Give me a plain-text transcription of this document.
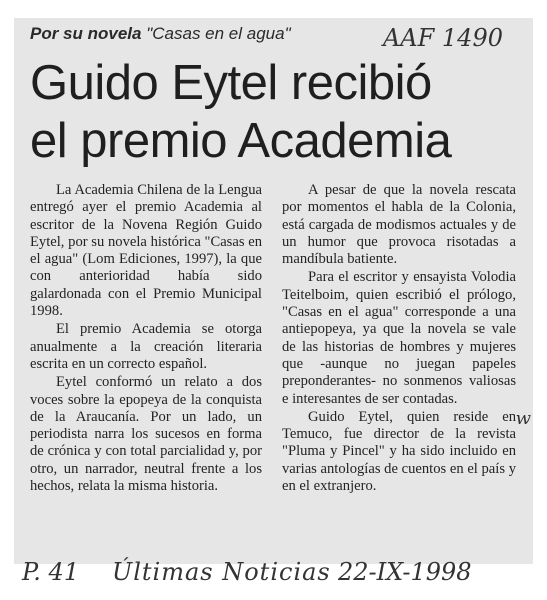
Por su novela "Casas en el agua"
Guido Eytel recibió
el premio Academia

La Academia Chilena de la Lengua entregó ayer el premio Academia al escritor de la Novena Región Guido Eytel, por su novela histórica "Casas en el agua" (Lom Ediciones, 1997), la que con anterioridad había sido galardonada con el Premio Municipal 1998.

El premio Academia se otorga anualmente a la creación literaria escrita en un correcto español.

Eytel conformó un relato a dos voces sobre la epopeya de la conquista de la Araucanía. Por un lado, un periodista narra los sucesos en forma de crónica y con total parcialidad y, por otro, un narrador, neutral frente a los hechos, relata la misma historia.

A pesar de que la novela rescata por momentos el habla de la Colonia, está cargada de modismos actuales y de un humor que provoca risotadas a mandíbula batiente.

Para el escritor y ensayista Volodia Teitelboim, quien escribió el prólogo, "Casas en el agua" corresponde a una antiepopeya, ya que la novela se vale de las historias de hombres y mujeres que -aunque no juegan papeles preponderantes- no sonmenos valiosas e interesantes de ser contadas.

Guido Eytel, quien reside en Temuco, fue director de la revista "Pluma y Pincel" y ha sido incluido en varias antologías de cuentos en el país y en el extranjero.

AAF 1490
w
P. 41 Últimas Noticias 22-IX-1998
